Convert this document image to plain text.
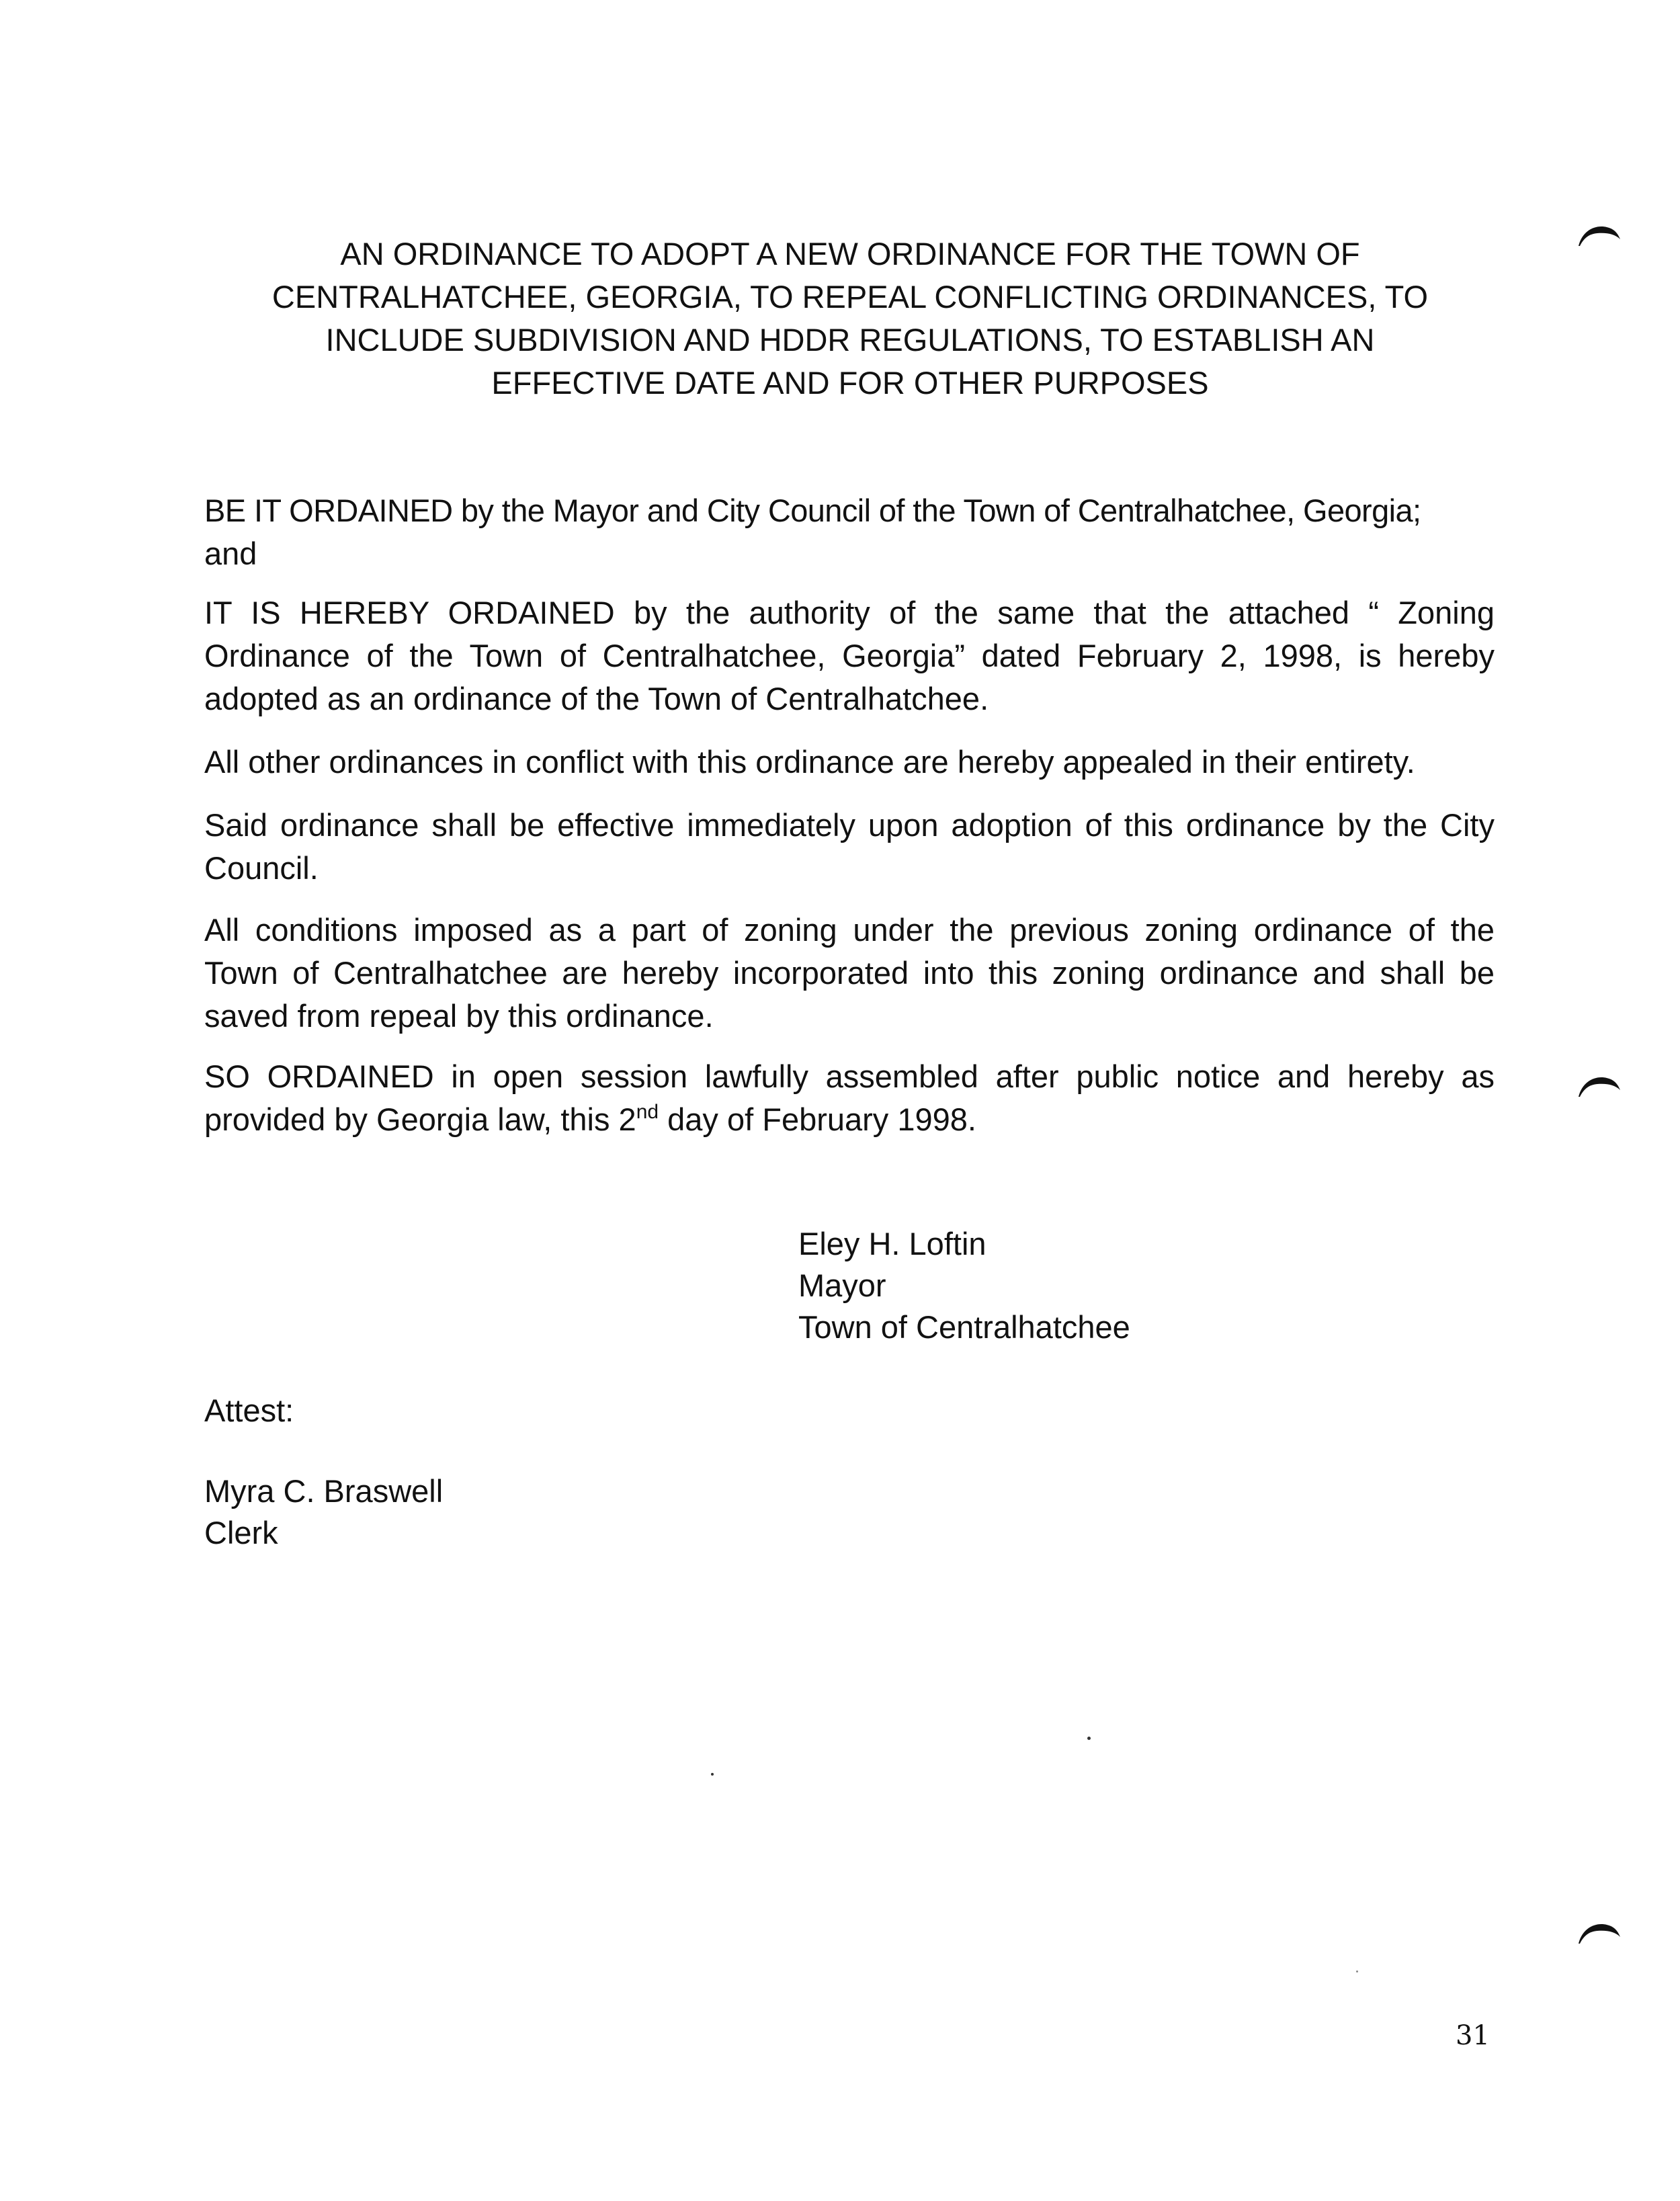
AN ORDINANCE TO ADOPT A NEW ORDINANCE FOR THE TOWN OF
CENTRALHATCHEE, GEORGIA, TO REPEAL CONFLICTING ORDINANCES, TO
INCLUDE SUBDIVISION AND HDDR REGULATIONS, TO ESTABLISH AN
EFFECTIVE DATE AND FOR OTHER PURPOSES

BE IT ORDAINED by the Mayor and City Council of the Town of Centralhatchee, Georgia;
and

IT IS HEREBY ORDAINED by the authority of the same that the attached “ Zoning
Ordinance of the Town of Centralhatchee, Georgia” dated February 2, 1998, is hereby
adopted as an ordinance of the Town of Centralhatchee.

All other ordinances in conflict with this ordinance are hereby appealed in their entirety.

Said ordinance shall be effective immediately upon adoption of this ordinance by the City
Council.

All conditions imposed as a part of zoning under the previous zoning ordinance of the
Town of Centralhatchee are hereby incorporated into this zoning ordinance and shall be
saved from repeal by this ordinance.

SO ORDAINED in open session lawfully assembled after public notice and hereby as
provided by Georgia law, this 2nd day of February 1998.

Eley H. Loftin
Mayor
Town of Centralhatchee
Attest:
Myra C. Braswell
Clerk
31
